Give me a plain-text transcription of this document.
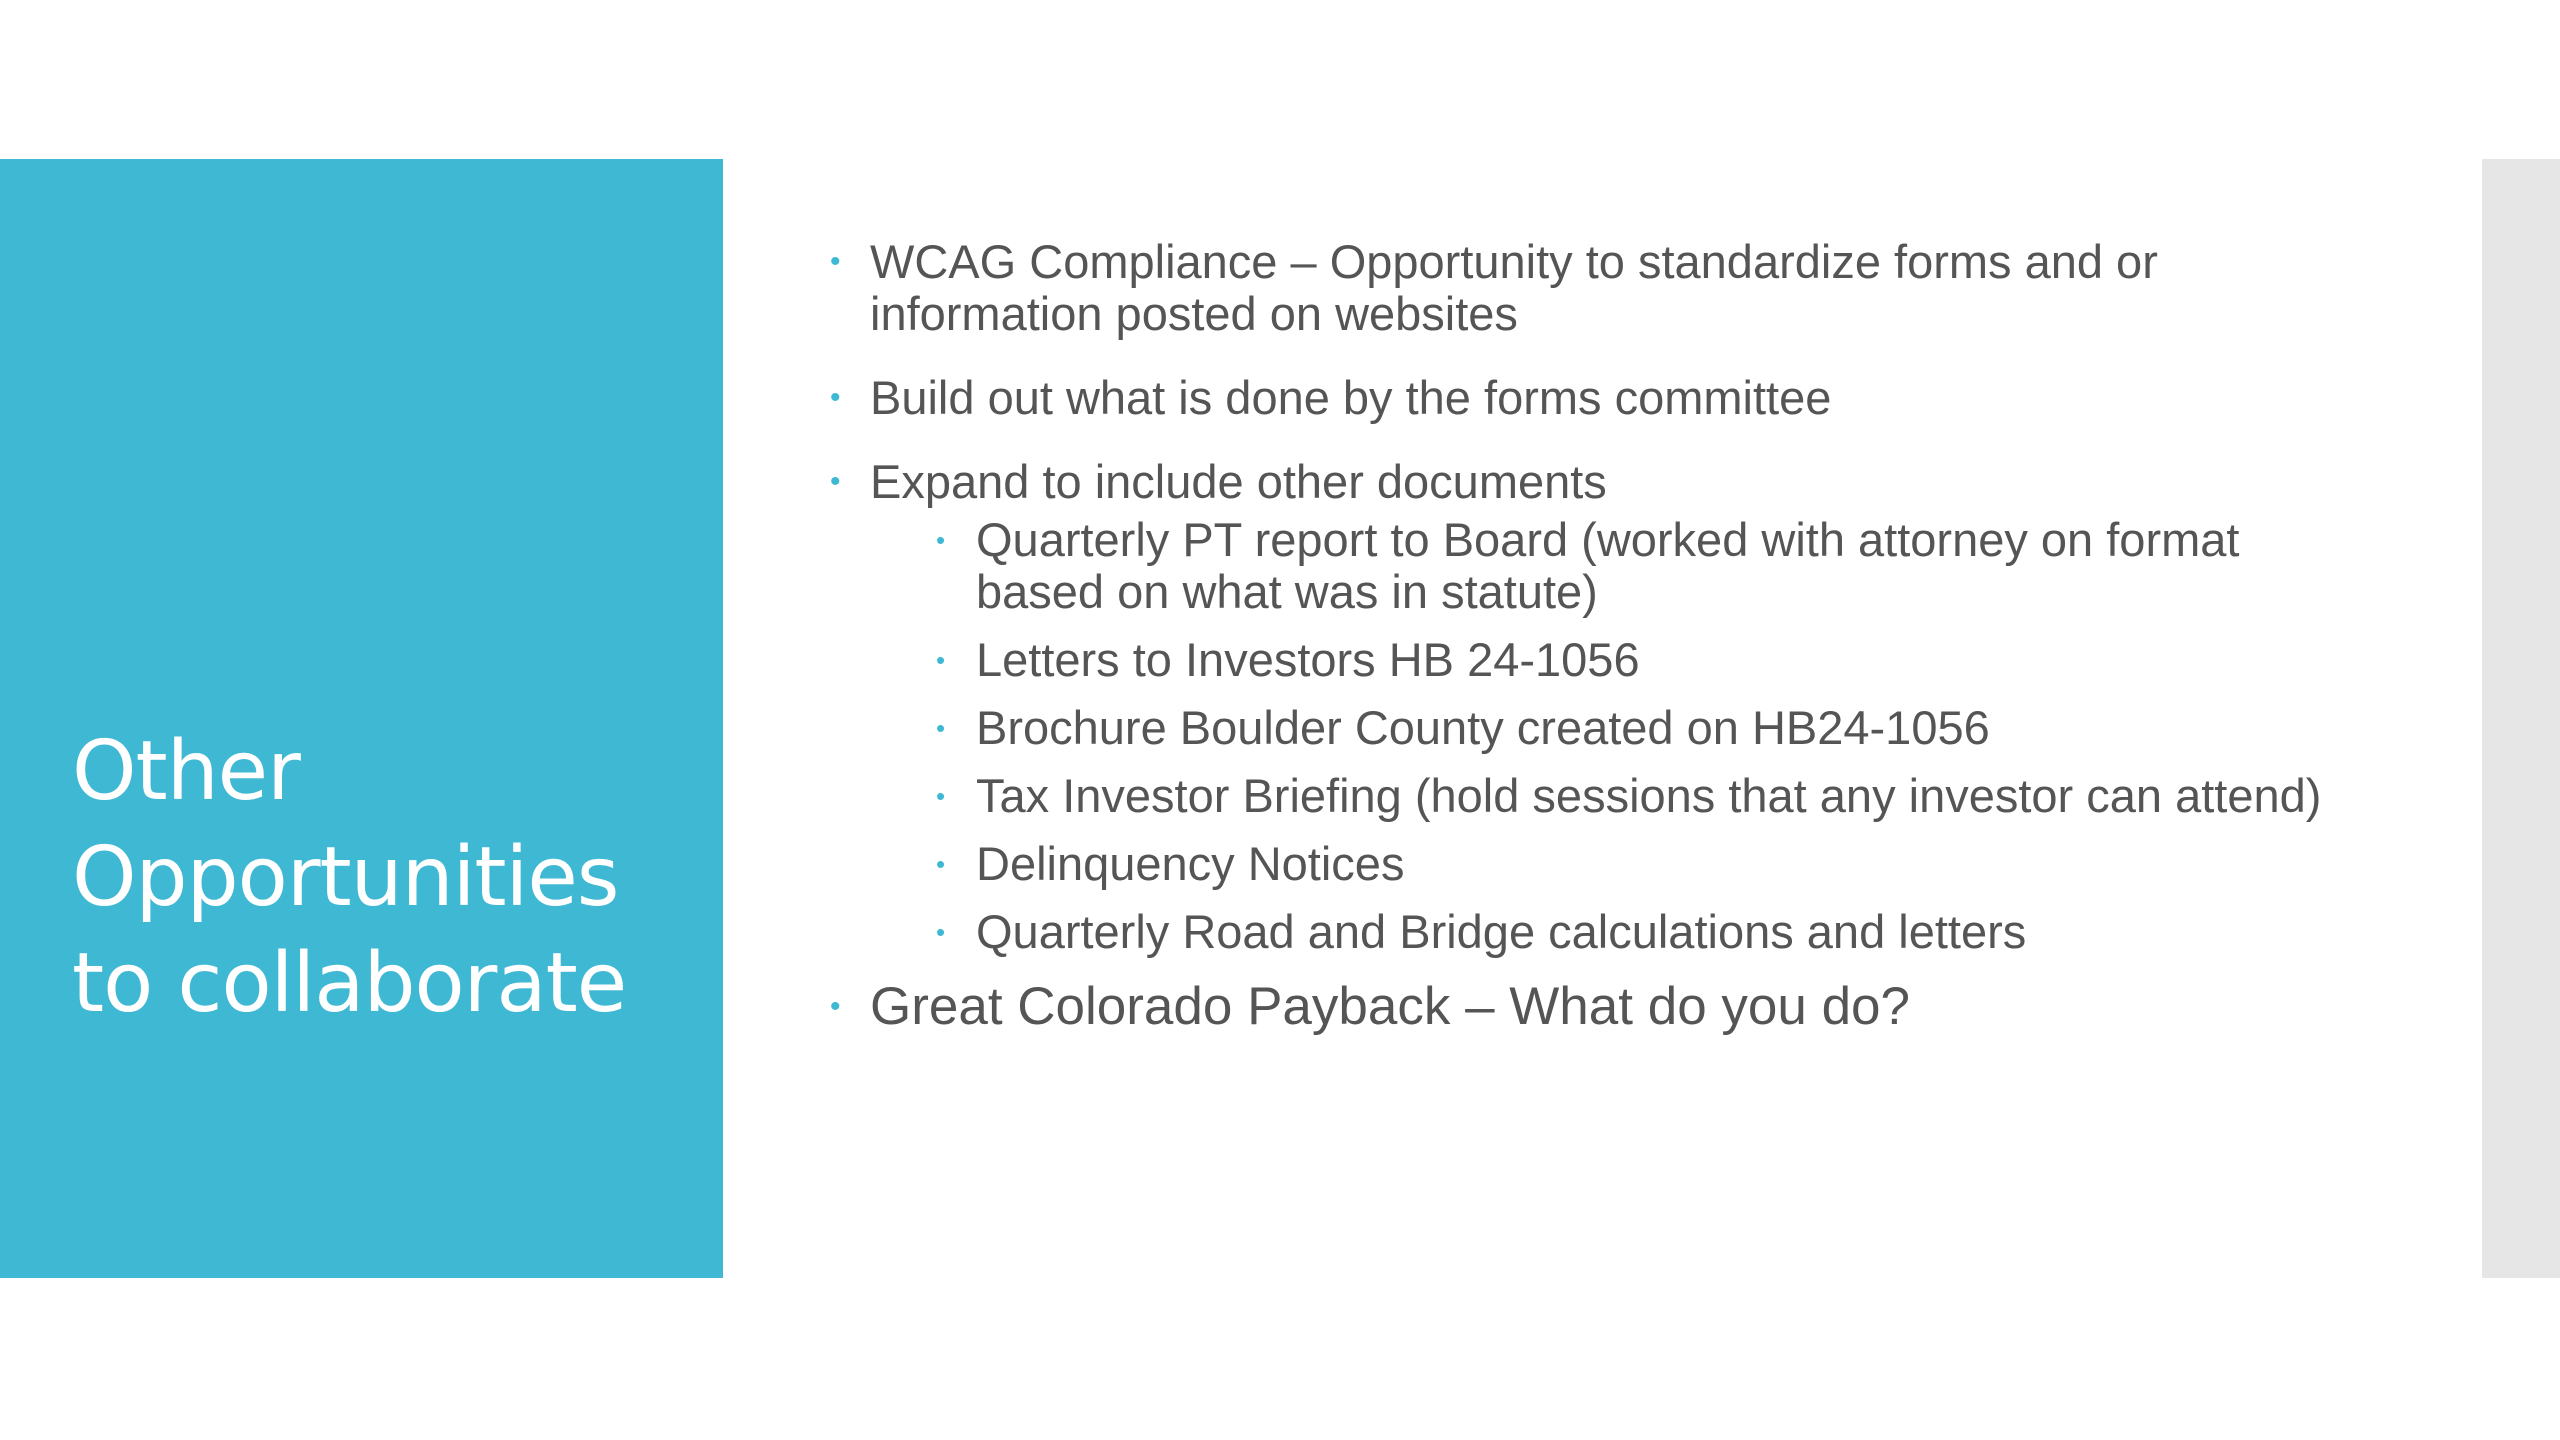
Other
Opportunities
to collaborate
• WCAG Compliance – Opportunity to standardize forms and or information posted on websites
• Build out what is done by the forms committee
• Expand to include other documents
• Quarterly PT report to Board (worked with attorney on format based on what was in statute)
• Letters to Investors HB 24-1056
• Brochure Boulder County created on HB24-1056
• Tax Investor Briefing (hold sessions that any investor can attend)
• Delinquency Notices
• Quarterly Road and Bridge calculations and letters
• Great Colorado Payback – What do you do?
